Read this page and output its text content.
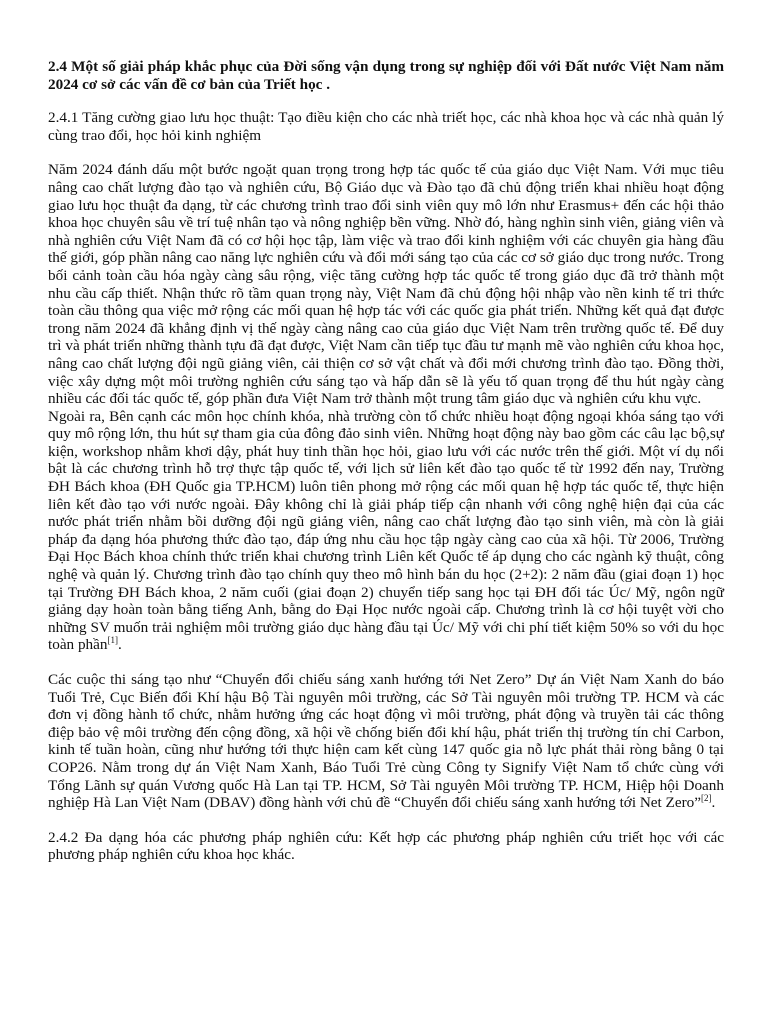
2.4 Một số giải pháp khắc phục của Đời sống vận dụng trong sự nghiệp đối với Đất nước Việt Nam năm 2024 cơ sở các vấn đề cơ bản của Triết học .

2.4.1 Tăng cường giao lưu học thuật: Tạo điều kiện cho các nhà triết học, các nhà khoa học và các nhà quản lý cùng trao đổi, học hỏi kinh nghiệm

Năm 2024 đánh dấu một bước ngoặt quan trọng trong hợp tác quốc tế của giáo dục Việt Nam. Với mục tiêu nâng cao chất lượng đào tạo và nghiên cứu, Bộ Giáo dục và Đào tạo đã chủ động triển khai nhiều hoạt động giao lưu học thuật đa dạng, từ các chương trình trao đổi sinh viên quy mô lớn như Erasmus+ đến các hội thảo khoa học chuyên sâu về trí tuệ nhân tạo và nông nghiệp bền vững. Nhờ đó, hàng nghìn sinh viên, giảng viên và nhà nghiên cứu Việt Nam đã có cơ hội học tập, làm việc và trao đổi kinh nghiệm với các chuyên gia hàng đầu thế giới, góp phần nâng cao năng lực nghiên cứu và đổi mới sáng tạo của các cơ sở giáo dục trong nước. Trong bối cảnh toàn cầu hóa ngày càng sâu rộng, việc tăng cường hợp tác quốc tế trong giáo dục đã trở thành một nhu cầu cấp thiết. Nhận thức rõ tầm quan trọng này, Việt Nam đã chủ động hội nhập vào nền kinh tế tri thức toàn cầu thông qua việc mở rộng các mối quan hệ hợp tác với các quốc gia phát triển. Những kết quả đạt được trong năm 2024 đã khẳng định vị thế ngày càng nâng cao của giáo dục Việt Nam trên trường quốc tế. Để duy trì và phát triển những thành tựu đã đạt được, Việt Nam cần tiếp tục đầu tư mạnh mẽ vào nghiên cứu khoa học, nâng cao chất lượng đội ngũ giảng viên, cải thiện cơ sở vật chất và đổi mới chương trình đào tạo. Đồng thời, việc xây dựng một môi trường nghiên cứu sáng tạo và hấp dẫn sẽ là yếu tố quan trọng để thu hút ngày càng nhiều các đối tác quốc tế, góp phần đưa Việt Nam trở thành một trung tâm giáo dục và nghiên cứu khu vực.

Ngoài ra, Bên cạnh các môn học chính khóa, nhà trường còn tổ chức nhiều hoạt động ngoại khóa sáng tạo với quy mô rộng lớn, thu hút sự tham gia của đông đảo sinh viên. Những hoạt động này bao gồm các câu lạc bộ,sự kiện, workshop nhằm khơi dậy, phát huy tinh thần học hỏi, giao lưu với các nước trên thế giới. Một ví dụ nổi bật là các chương trình hỗ trợ thực tập quốc tế, với lịch sử liên kết đào tạo quốc tế từ 1992 đến nay, Trường ĐH Bách khoa (ĐH Quốc gia TP.HCM) luôn tiên phong mở rộng các mối quan hệ hợp tác quốc tế, thực hiện liên kết đào tạo với nước ngoài. Đây không chỉ là giải pháp tiếp cận nhanh với công nghệ hiện đại của các nước phát triển nhằm bồi dưỡng đội ngũ giảng viên, nâng cao chất lượng đào tạo sinh viên, mà còn là giải pháp đa dạng hóa phương thức đào tạo, đáp ứng nhu cầu học tập ngày càng cao của xã hội. Từ 2006, Trường Đại Học Bách khoa chính thức triển khai chương trình Liên kết Quốc tế áp dụng cho các ngành kỹ thuật, công nghệ và quản lý. Chương trình đào tạo chính quy theo mô hình bán du học (2+2): 2 năm đầu (giai đoạn 1) học tại Trường ĐH Bách khoa, 2 năm cuối (giai đoạn 2) chuyển tiếp sang học tại ĐH đối tác Úc/ Mỹ, ngôn ngữ giảng dạy hoàn toàn bằng tiếng Anh, bằng do Đại Học nước ngoài cấp. Chương trình là cơ hội tuyệt vời cho những SV muốn trải nghiệm môi trường giáo dục hàng đầu tại Úc/ Mỹ với chi phí tiết kiệm 50% so với du học toàn phần[1].

Các cuộc thi sáng tạo như “Chuyển đổi chiếu sáng xanh hướng tới Net Zero” Dự án Việt Nam Xanh do báo Tuổi Trẻ, Cục Biến đổi Khí hậu Bộ Tài nguyên môi trường, các Sở Tài nguyên môi trường TP. HCM và các đơn vị đồng hành tổ chức, nhằm hưởng ứng các hoạt động vì môi trường, phát động và truyền tải các thông điệp bảo vệ môi trường đến cộng đồng, xã hội về chống biến đổi khí hậu, phát triển thị trường tín chỉ Carbon, kinh tế tuần hoàn, cũng như hướng tới thực hiện cam kết cùng 147 quốc gia nỗ lực phát thải ròng bằng 0 tại COP26. Nằm trong dự án Việt Nam Xanh, Báo Tuổi Trẻ cùng Công ty Signify Việt Nam tổ chức cùng với Tổng Lãnh sự quán Vương quốc Hà Lan tại TP. HCM, Sở Tài nguyên Môi trường TP. HCM, Hiệp hội Doanh nghiệp Hà Lan Việt Nam (DBAV) đồng hành với chủ đề “Chuyển đổi chiếu sáng xanh hướng tới Net Zero”[2].

2.4.2 Đa dạng hóa các phương pháp nghiên cứu: Kết hợp các phương pháp nghiên cứu triết học với các phương pháp nghiên cứu khoa học khác.
